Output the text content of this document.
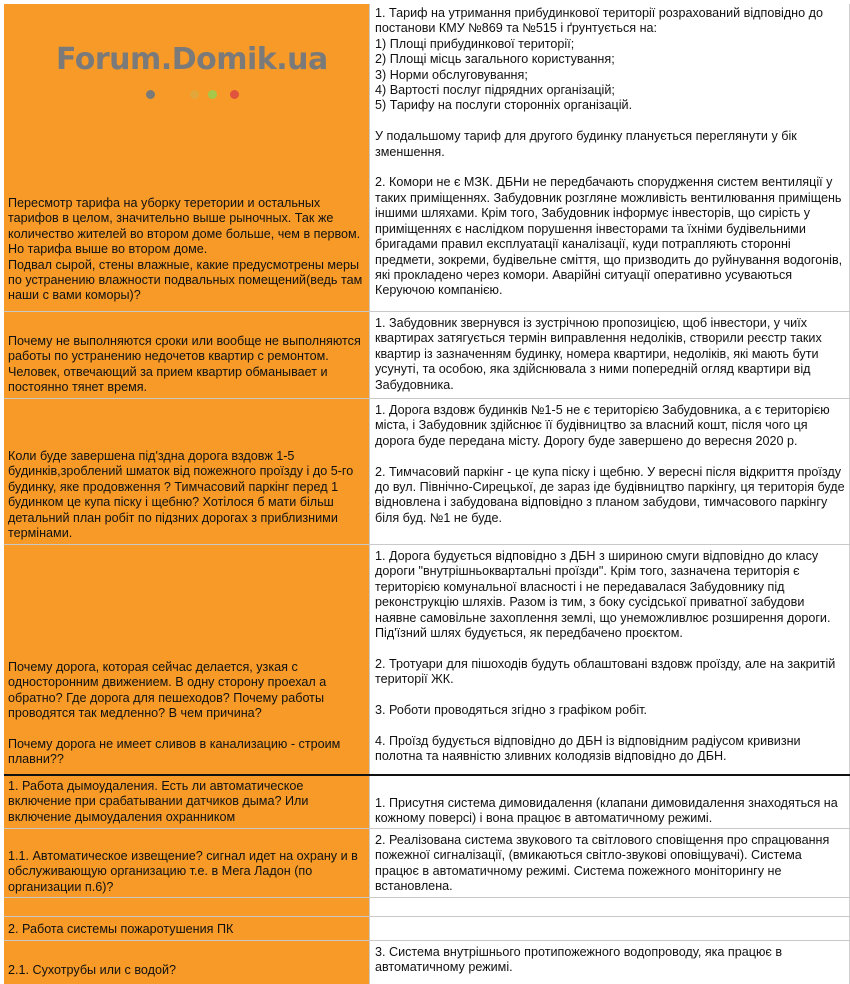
Forum.Domik.ua
Пересмотр тарифа на уборку теретории и остальных тарифов в целом, значительно выше рыночных. Так же количество жителей во втором доме больше, чем в первом. Но тарифа выше во втором доме.
Подвал сырой, стены влажные, какие предусмотрены меры по устранению влажности подвальных помещений(ведь там наши с вами коморы)?
1. Тариф на утримання прибудинкової території розрахований відповідно до постанови КМУ №869 та №515 і ґрунтується на:
1) Площі прибудинкової території;
2) Площі місць загального користування;
3) Норми обслуговування;
4) Вартості послуг підрядних організацій;
5) Тарифу на послуги сторонніх організацій.

У подальшому тариф для другого будинку планується переглянути у бік зменшення.

2. Комори не є МЗК. ДБНи не передбачають спорудження систем вентиляції у таких приміщеннях. Забудовник розгляне можливість вентилювання приміщень іншими шляхами. Крім того, Забудовник інформує інвесторів, що сирість у приміщеннях є наслідком порушення інвесторами та їхніми будівельними бригадами правил експлуатації каналізації, куди потрапляють сторонні предмети, зокреми, будівельне сміття, що призводить до руйнування водогонів, які прокладено через комори. Аварійні ситуації оперативно усуваються Керуючою компанією.
Почему не выполняются сроки или вообще не выполняются работы по устранению недочетов квартир с ремонтом. Человек, отвечающий за прием квартир обманывает и постоянно тянет время.
1. Забудовник звернувся із зустрічною пропозицією, щоб інвестори, у чиїх квартирах затягується термін виправлення недоліків, створили реєстр таких квартир із зазначенням будинку, номера квартири, недоліків, які мають бути усунуті, та особою, яка здійснювала з ними попередній огляд квартири від Забудовника.
Коли буде завершена під'здна дорога вздовж 1-5 будинків,зроблений шматок від пожежного проїзду і до 5-го будинку, яке продовження ? Тимчасовий паркінг перед 1 будинком це купа піску і щебню? Хотілося б мати більш детальний план робіт по підзних дорогах з приблизними термінами.
1. Дорога вздовж будинків №1-5 не є територією Забудовника, а є територією міста, і Забудовник здійснює її будівництво за власний кошт, після чого ця дорога буде передана місту. Дорогу буде завершено до вересня 2020 р.

2. Тимчасовий паркінг - це купа піску і щебню. У вересні після відкриття проїзду до вул. Північно-Сирецької, де зараз іде будівництво паркінгу, ця територія буде відновлена і забудована відповідно з планом забудови, тимчасового паркінгу біля буд. №1 не буде.
Почему дорога, которая сейчас делается, узкая с односторонним движением. В одну сторону проехал а обратно? Где дорога для пешеходов? Почему работы проводятся так медленно? В чем причина?

Почему дорога не имеет сливов в канализацию - строим плавни??
1. Дорога будується відповідно з ДБН з шириною смуги відповідно до класу дороги "внутрішньоквартальні проїзди". Крім того, зазначена територія є територією комунальної власності і не передавалася Забудовнику під реконструкцію шляхів. Разом із тим, з боку сусідської приватної забудови наявне самовільне захоплення землі, що унеможливлює розширення дороги. Під'їзний шлях будується, як передбачено проєктом.

2. Тротуари для пішоходів будуть облаштовані вздовж проїзду, але на закритій території ЖК.

3. Роботи проводяться згідно з графіком робіт.

4. Проїзд будується відповідно до ДБН із відповідним радіусом кривизни полотна та наявністю зливних колодязів відповідно до ДБН.
1. Работа дымоудаления. Есть ли автоматическое включение при срабатывании датчиков дыма? Или включение дымоудаления охранником
1. Присутня система димовидалення (клапани димовидалення знаходяться на кожному поверсі) і вона працює в автоматичному режимі.
1.1. Автоматическое извещение? сигнал идет на охрану и в обслуживающую организацию т.е. в Мега Ладон (по организации п.6)?
2. Реалізована система звукового та світлового сповіщення про спрацювання пожежної сигналізації, (вмикаються світло-звукові оповіщувачі). Система працює в автоматичному режимі. Система пожежного моніторингу не встановлена.
2. Работа системы пожаротушения ПК
2.1. Сухотрубы или с водой?
3. Система внутрішнього протипожежного водопроводу, яка працює в автоматичному режимі.
